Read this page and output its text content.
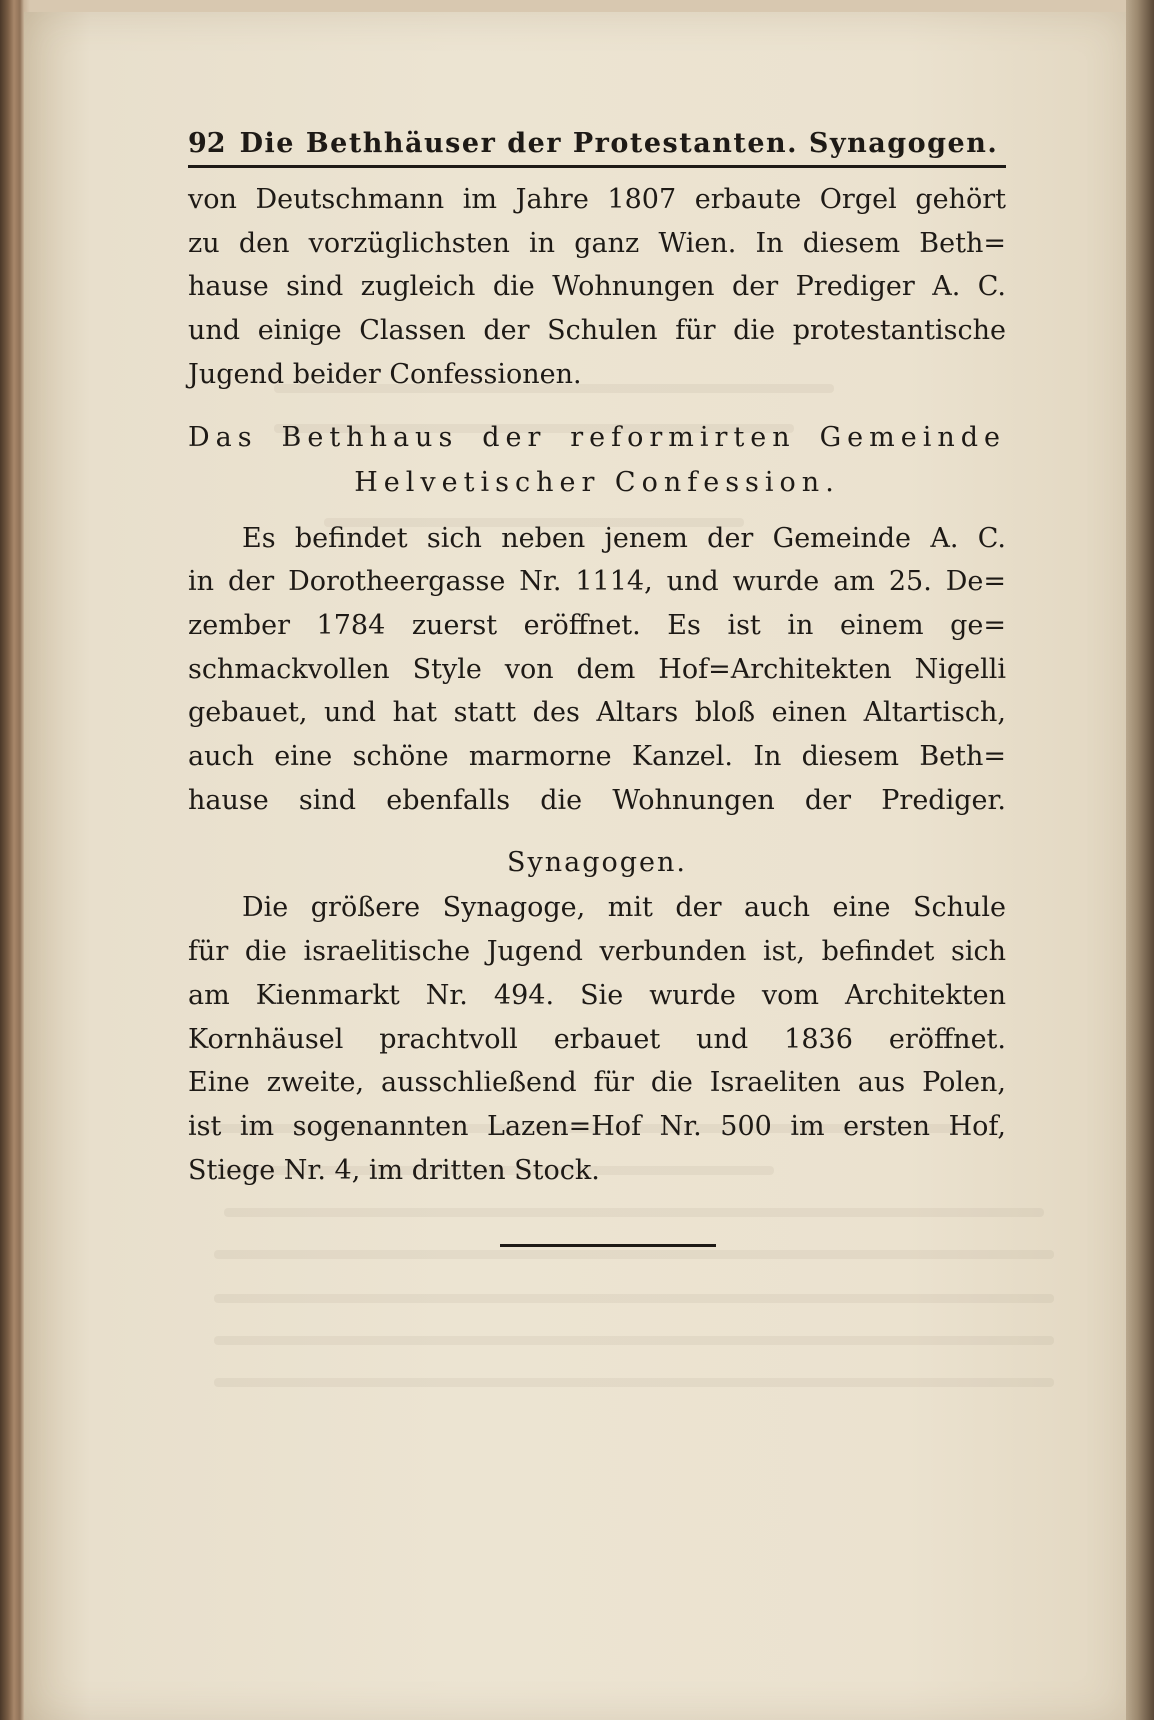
92 Die Bethhäuser der Protestanten. Synagogen.

von Deutschmann im Jahre 1807 erbaute Orgel gehört

zu den vorzüglichsten in ganz Wien. In diesem Beth=

hause sind zugleich die Wohnungen der Prediger A. C.

und einige Classen der Schulen für die protestantische

Jugend beider Confessionen.

Das Bethhaus der reformirten Gemeinde
Helvetischer Confession.

Es befindet sich neben jenem der Gemeinde A. C.

in der Dorotheergasse Nr. 1114, und wurde am 25. De=

zember 1784 zuerst eröffnet. Es ist in einem ge=

schmackvollen Style von dem Hof=Architekten Nigelli

gebauet, und hat statt des Altars bloß einen Altartisch,

auch eine schöne marmorne Kanzel. In diesem Beth=

hause sind ebenfalls die Wohnungen der Prediger.

Synagogen.

Die größere Synagoge, mit der auch eine Schule

für die israelitische Jugend verbunden ist, befindet sich

am Kienmarkt Nr. 494. Sie wurde vom Architekten

Kornhäusel prachtvoll erbauet und 1836 eröffnet.

Eine zweite, ausschließend für die Israeliten aus Polen,

ist im sogenannten Lazen=Hof Nr. 500 im ersten Hof,

Stiege Nr. 4, im dritten Stock.
